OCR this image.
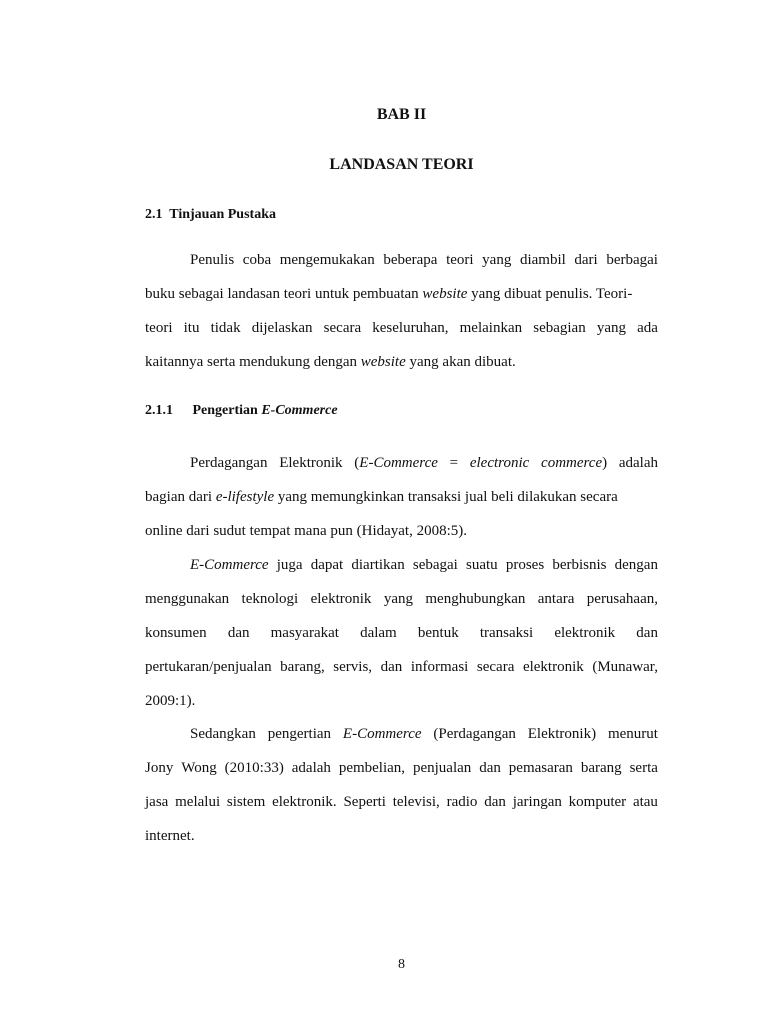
BAB II
LANDASAN TEORI
2.1 Tinjauan Pustaka
Penulis coba mengemukakan beberapa teori yang diambil dari berbagai
buku sebagai landasan teori untuk pembuatan website yang dibuat penulis. Teori-
teori itu tidak dijelaskan secara keseluruhan, melainkan sebagian yang ada
kaitannya serta mendukung dengan website yang akan dibuat.
2.1.1 Pengertian E-Commerce
Perdagangan Elektronik (E-Commerce = electronic commerce) adalah
bagian dari e-lifestyle yang memungkinkan transaksi jual beli dilakukan secara
online dari sudut tempat mana pun (Hidayat, 2008:5).
E-Commerce juga dapat diartikan sebagai suatu proses berbisnis dengan
menggunakan teknologi elektronik yang menghubungkan antara perusahaan,
konsumen dan masyarakat dalam bentuk transaksi elektronik dan
pertukaran/penjualan barang, servis, dan informasi secara elektronik (Munawar,
2009:1).
Sedangkan pengertian E-Commerce (Perdagangan Elektronik) menurut
Jony Wong (2010:33) adalah pembelian, penjualan dan pemasaran barang serta
jasa melalui sistem elektronik. Seperti televisi, radio dan jaringan komputer atau
internet.
8
